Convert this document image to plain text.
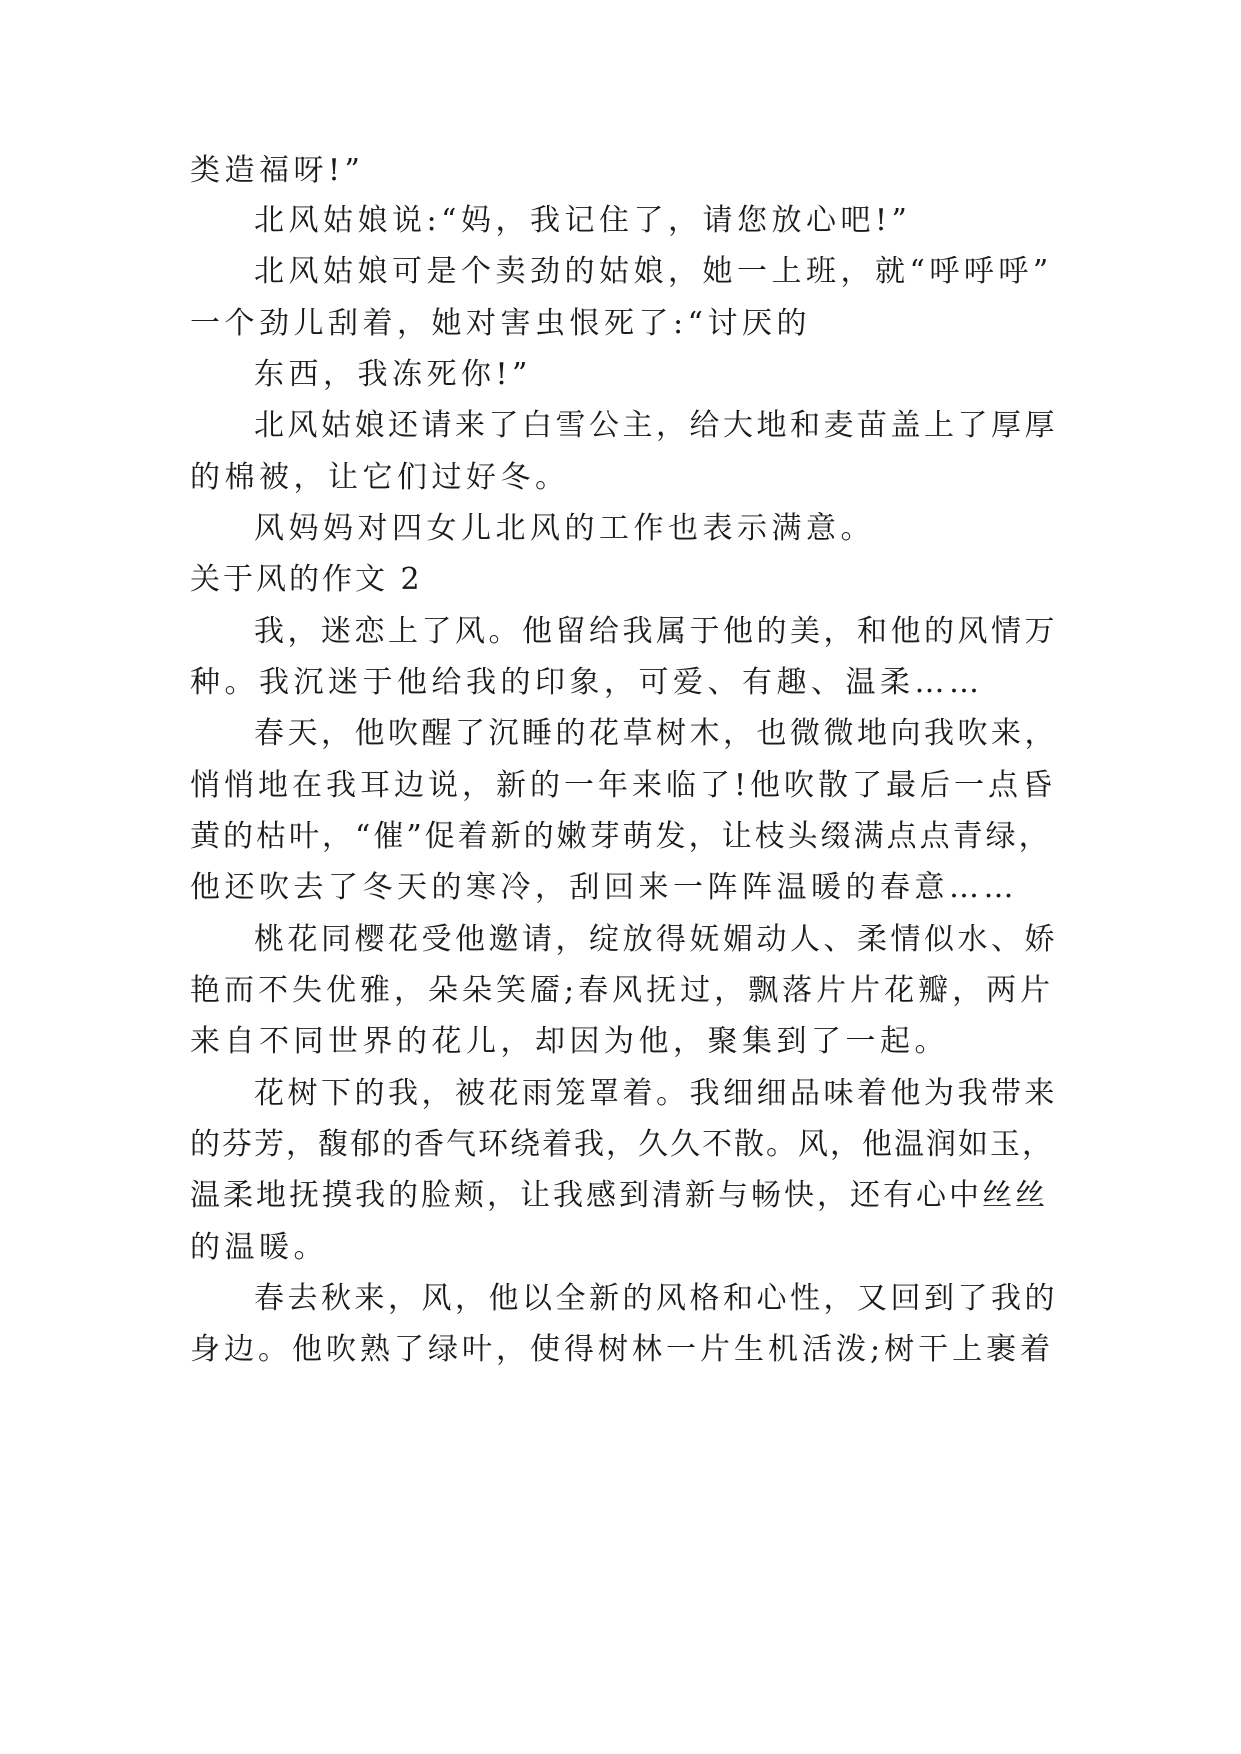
类造福呀!”
北风姑娘说:“妈，我记住了，请您放心吧!”
北风姑娘可是个卖劲的姑娘，她一上班，就“呼呼呼”
一个劲儿刮着，她对害虫恨死了:“讨厌的
东西，我冻死你!”
北风姑娘还请来了白雪公主，给大地和麦苗盖上了厚厚
的棉被，让它们过好冬。
风妈妈对四女儿北风的工作也表示满意。
关于风的作文 2
我，迷恋上了风。他留给我属于他的美，和他的风情万
种。我沉迷于他给我的印象，可爱、有趣、温柔……
春天，他吹醒了沉睡的花草树木，也微微地向我吹来，
悄悄地在我耳边说，新的一年来临了!他吹散了最后一点昏
黄的枯叶，“催”促着新的嫩芽萌发，让枝头缀满点点青绿，
他还吹去了冬天的寒冷，刮回来一阵阵温暖的春意……
桃花同樱花受他邀请，绽放得妩媚动人、柔情似水、娇
艳而不失优雅，朵朵笑靥;春风抚过，飘落片片花瓣，两片
来自不同世界的花儿，却因为他，聚集到了一起。
花树下的我，被花雨笼罩着。我细细品味着他为我带来
的芬芳，馥郁的香气环绕着我，久久不散。风，他温润如玉，
温柔地抚摸我的脸颊，让我感到清新与畅快，还有心中丝丝
的温暖。
春去秋来，风，他以全新的风格和心性，又回到了我的
身边。他吹熟了绿叶，使得树林一片生机活泼;树干上裹着
